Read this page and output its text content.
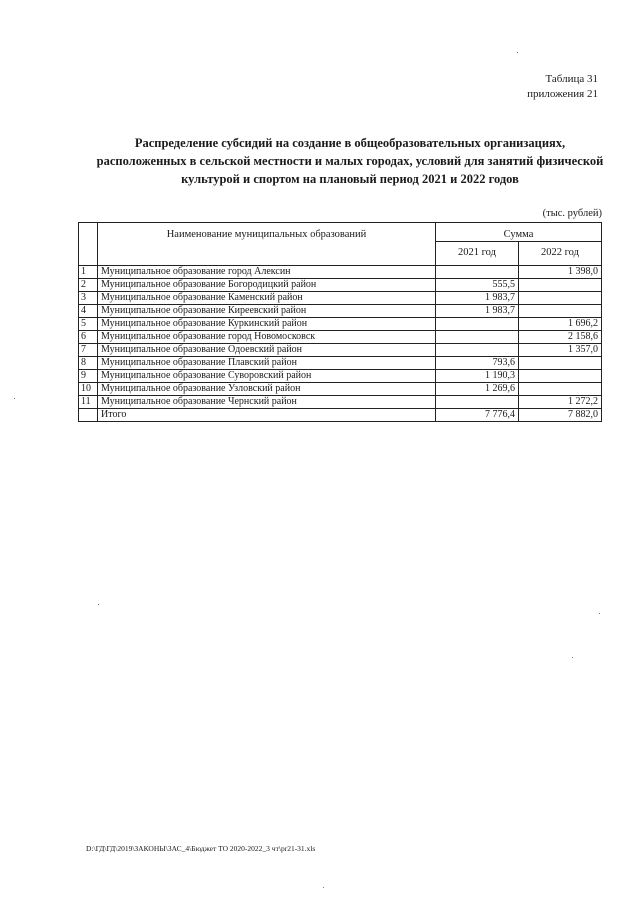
Таблица 31
приложения 21
Распределение субсидий на создание в общеобразовательных организациях,
расположенных в сельской местности и малых городах, условий для занятий физической
культурой и спортом на плановый период 2021 и 2022 годов
(тыс. рублей)
	Наименование муниципальных образований	Сумма	
		2021 год	2022 год
1	Муниципальное образование город Алексин		1 398,0
2	Муниципальное образование Богородицкий район	555,5	
3	Муниципальное образование Каменский район	1 983,7	
4	Муниципальное образование Киреевский район	1 983,7	
5	Муниципальное образование Куркинский район		1 696,2
6	Муниципальное образование город Новомосковск		2 158,6
7	Муниципальное образование Одоевский район		1 357,0
8	Муниципальное образование Плавский район	793,6	
9	Муниципальное образование Суворовский район	1 190,3	
10	Муниципальное образование Узловский район	1 269,6	
11	Муниципальное образование Чернский район		1 272,2
	Итого	7 776,4	7 882,0
D:\ГД\ГД\2019\ЗАКОНЫ\ЗАС_4\Бюджет ТО 2020-2022_3 чт\pr21-31.xls
